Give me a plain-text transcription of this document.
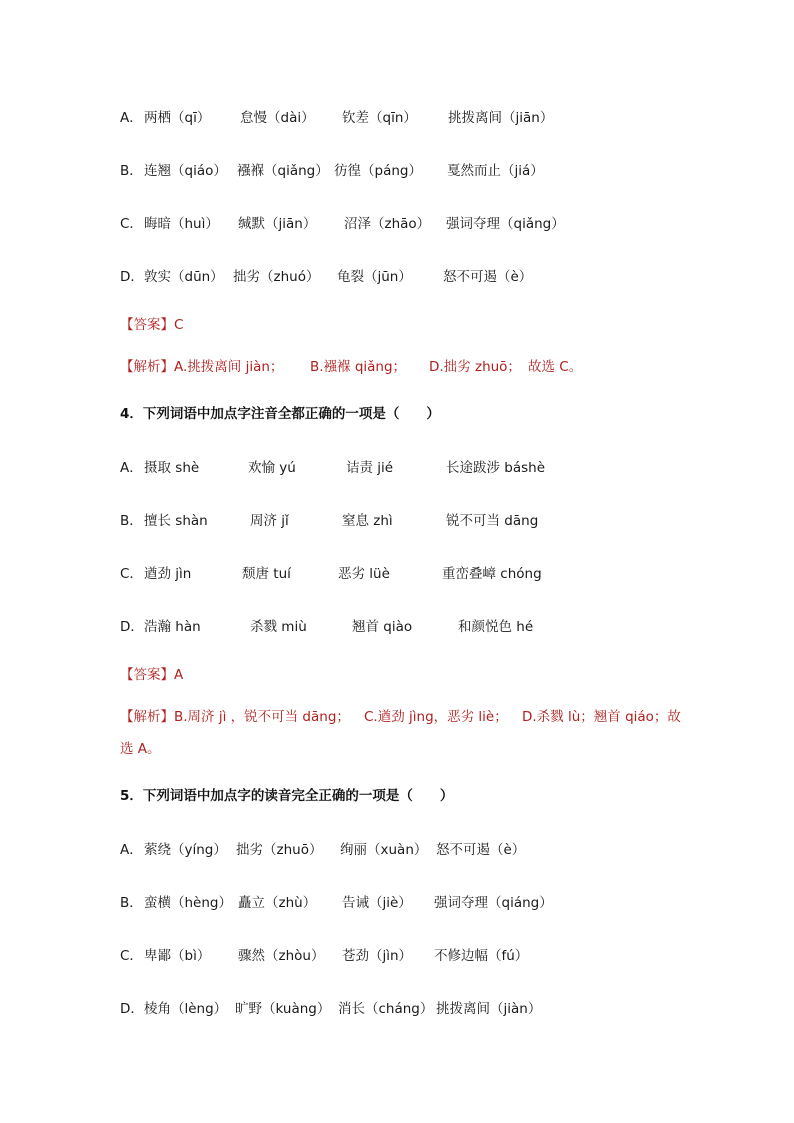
A． 两栖（qī） 怠慢（dài） 钦差（qīn） 挑拨离间（jiān）
B． 连翘（qiáo） 襁褓（qiǎng） 彷徨（páng） 戛然而止（jiá）
C． 晦暗（huì） 缄默（jiān） 沼泽（zhāo） 强词夺理（qiǎng）
D． 敦实（dūn） 拙劣（zhuó） 龟裂（jūn） 怒不可遏（è）
【答案】C
【解析】A.挑拨离间 jiàn； B.襁褓 qiǎng； D.拙劣 zhuō； 故选 C。
4．下列词语中加点字注音全都正确的一项是（　　）
A． 摄取 shè	欢愉 yú	诘责 jié	长途跋涉 báshè
B． 擅长 shàn	周济 jǐ	窒息 zhì	锐不可当 dāng
C． 遒劲 jìn	颓唐 tuí	恶劣 lüè	重峦叠嶂 chóng
D． 浩瀚 hàn	杀戮 miù	翘首 qiào	和颜悦色 hé
【答案】A
【解析】B.周济 jì ，锐不可当 dāng； C.遒劲 jìng，恶劣 liè； D.杀戮 lù；翘首 qiáo；故
选 A。
5．下列词语中加点字的读音完全正确的一项是（　　）
A． 萦绕（yíng） 拙劣（zhuō） 绚丽（xuàn） 怒不可遏（è）
B． 蛮横（hèng） 矗立（zhù） 告诫（jiè） 强词夺理（qiáng）
C． 卑鄙（bì） 骤然（zhòu） 苍劲（jìn） 不修边幅（fú）
D． 棱角（lèng） 旷野（kuàng） 消长（cháng） 挑拨离间（jiàn）
